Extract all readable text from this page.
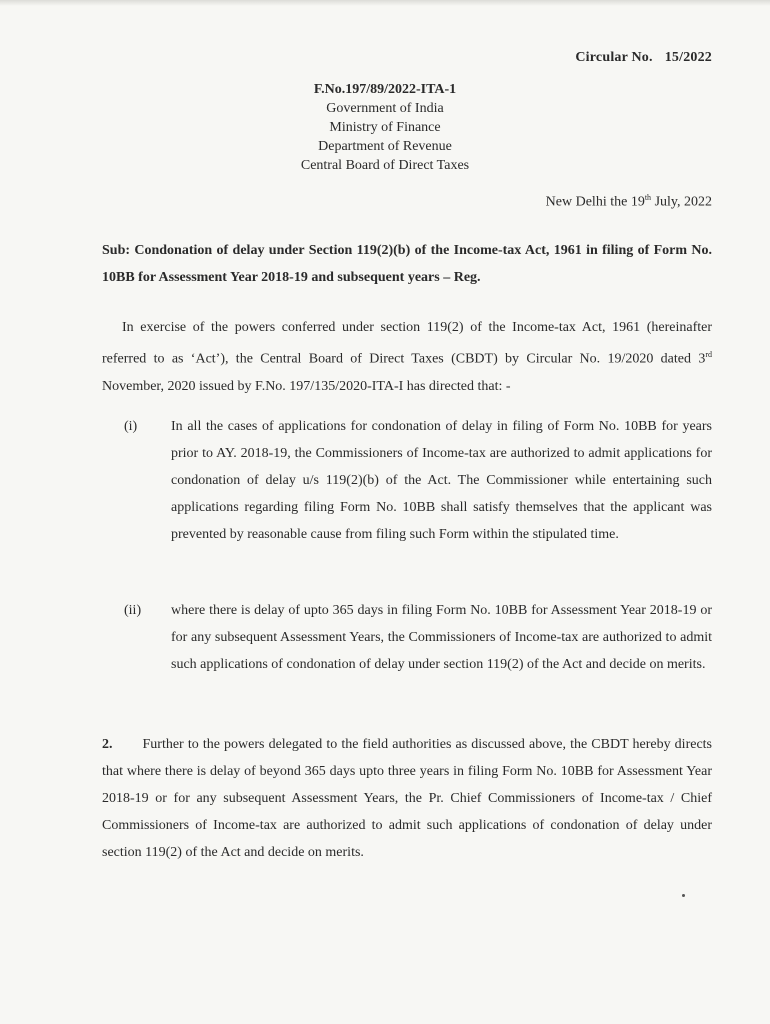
Circular No. 15/2022
F.No.197/89/2022-ITA-1
Government of India
Ministry of Finance
Department of Revenue
Central Board of Direct Taxes
New Delhi the 19th July, 2022
Sub: Condonation of delay under Section 119(2)(b) of the Income-tax Act, 1961 in filing of Form No. 10BB for Assessment Year 2018-19 and subsequent years – Reg.
In exercise of the powers conferred under section 119(2) of the Income-tax Act, 1961 (hereinafter referred to as ‘Act’), the Central Board of Direct Taxes (CBDT) by Circular No. 19/2020 dated 3rd November, 2020 issued by F.No. 197/135/2020-ITA-I has directed that: -
(i) In all the cases of applications for condonation of delay in filing of Form No. 10BB for years prior to AY. 2018-19, the Commissioners of Income-tax are authorized to admit applications for condonation of delay u/s 119(2)(b) of the Act. The Commissioner while entertaining such applications regarding filing Form No. 10BB shall satisfy themselves that the applicant was prevented by reasonable cause from filing such Form within the stipulated time.
(ii) where there is delay of upto 365 days in filing Form No. 10BB for Assessment Year 2018-19 or for any subsequent Assessment Years, the Commissioners of Income-tax are authorized to admit such applications of condonation of delay under section 119(2) of the Act and decide on merits.
2. Further to the powers delegated to the field authorities as discussed above, the CBDT hereby directs that where there is delay of beyond 365 days upto three years in filing Form No. 10BB for Assessment Year 2018-19 or for any subsequent Assessment Years, the Pr. Chief Commissioners of Income-tax / Chief Commissioners of Income-tax are authorized to admit such applications of condonation of delay under section 119(2) of the Act and decide on merits.
